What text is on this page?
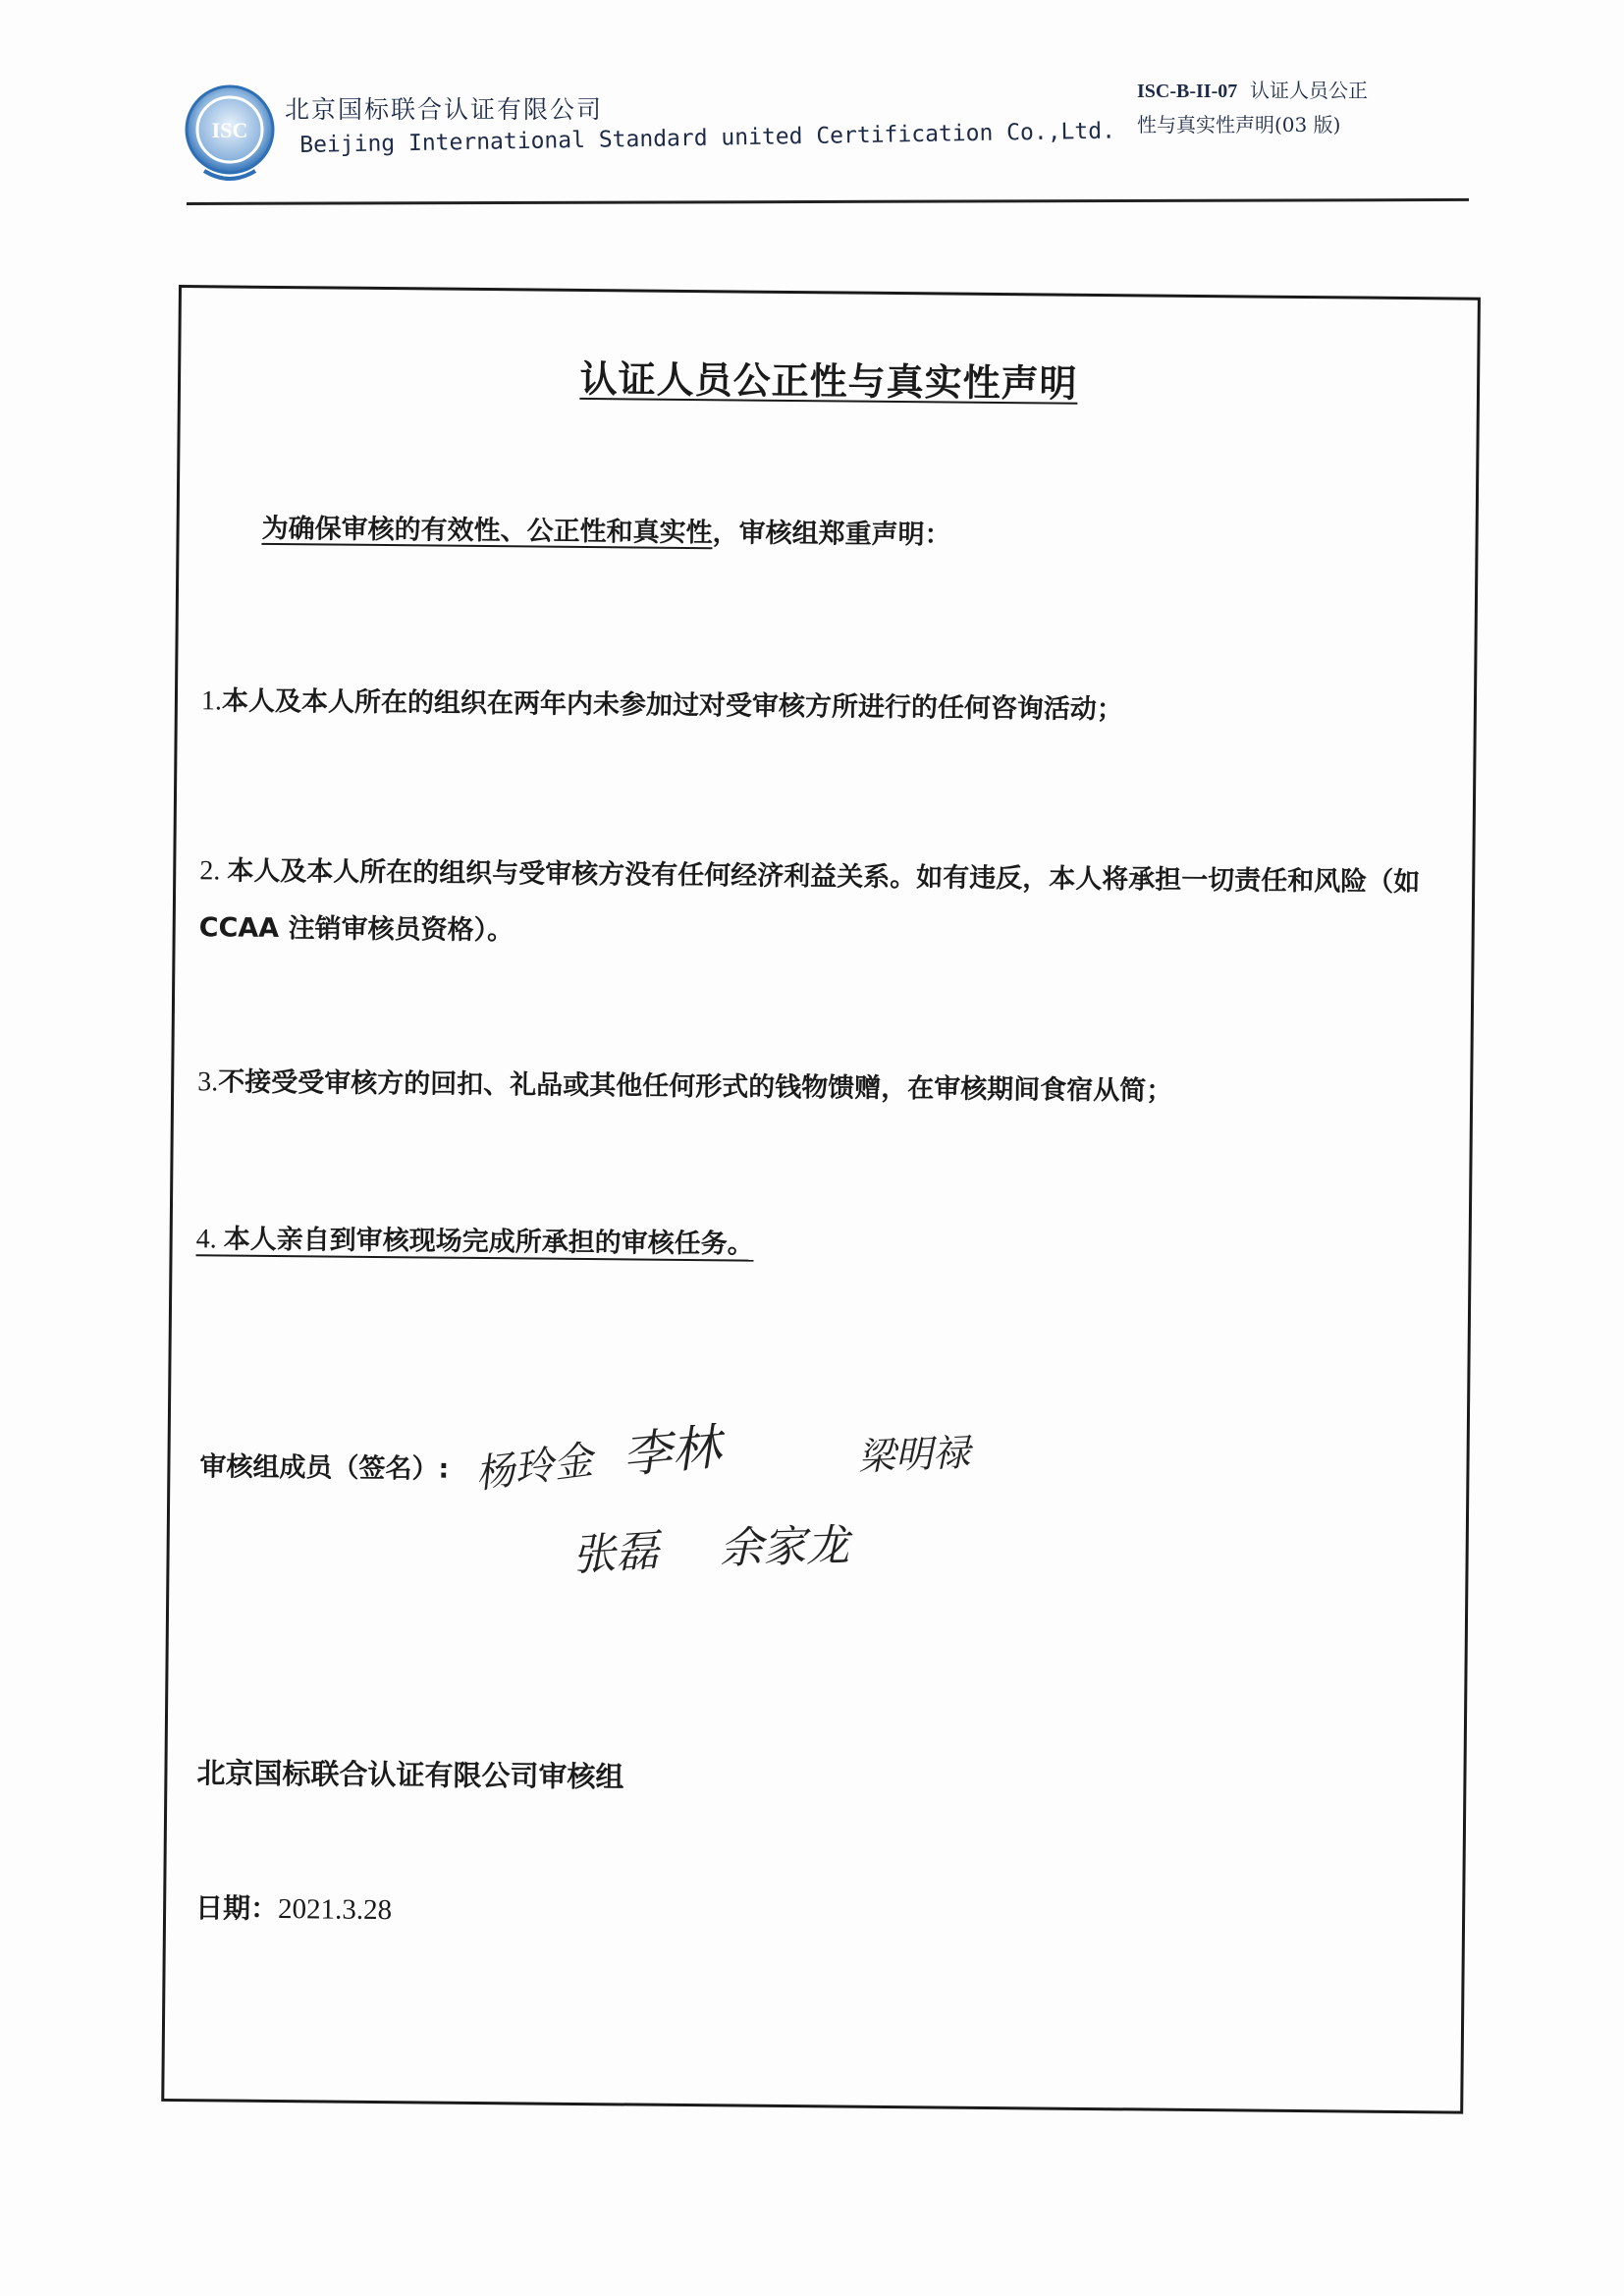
ISC
北京国标联合认证有限公司
Beijing International Standard united Certification Co.,Ltd.
ISC-B-II-07 认证人员公正
性与真实性声明(03 版)
认证人员公正性与真实性声明
为确保审核的有效性、公正性和真实性，审核组郑重声明：
1.本人及本人所在的组织在两年内未参加过对受审核方所进行的任何咨询活动；
2. 本人及本人所在的组织与受审核方没有任何经济利益关系。如有违反，本人将承担一切责任和风险（如 CCAA 注销审核员资格）。
3.不接受受审核方的回扣、礼品或其他任何形式的钱物馈赠，在审核期间食宿从简；
4. 本人亲自到审核现场完成所承担的审核任务。
审核组成员（签名）: 杨玲金 李林	梁明禄
张磊 余家龙
北京国标联合认证有限公司审核组
日期：2021.3.28
